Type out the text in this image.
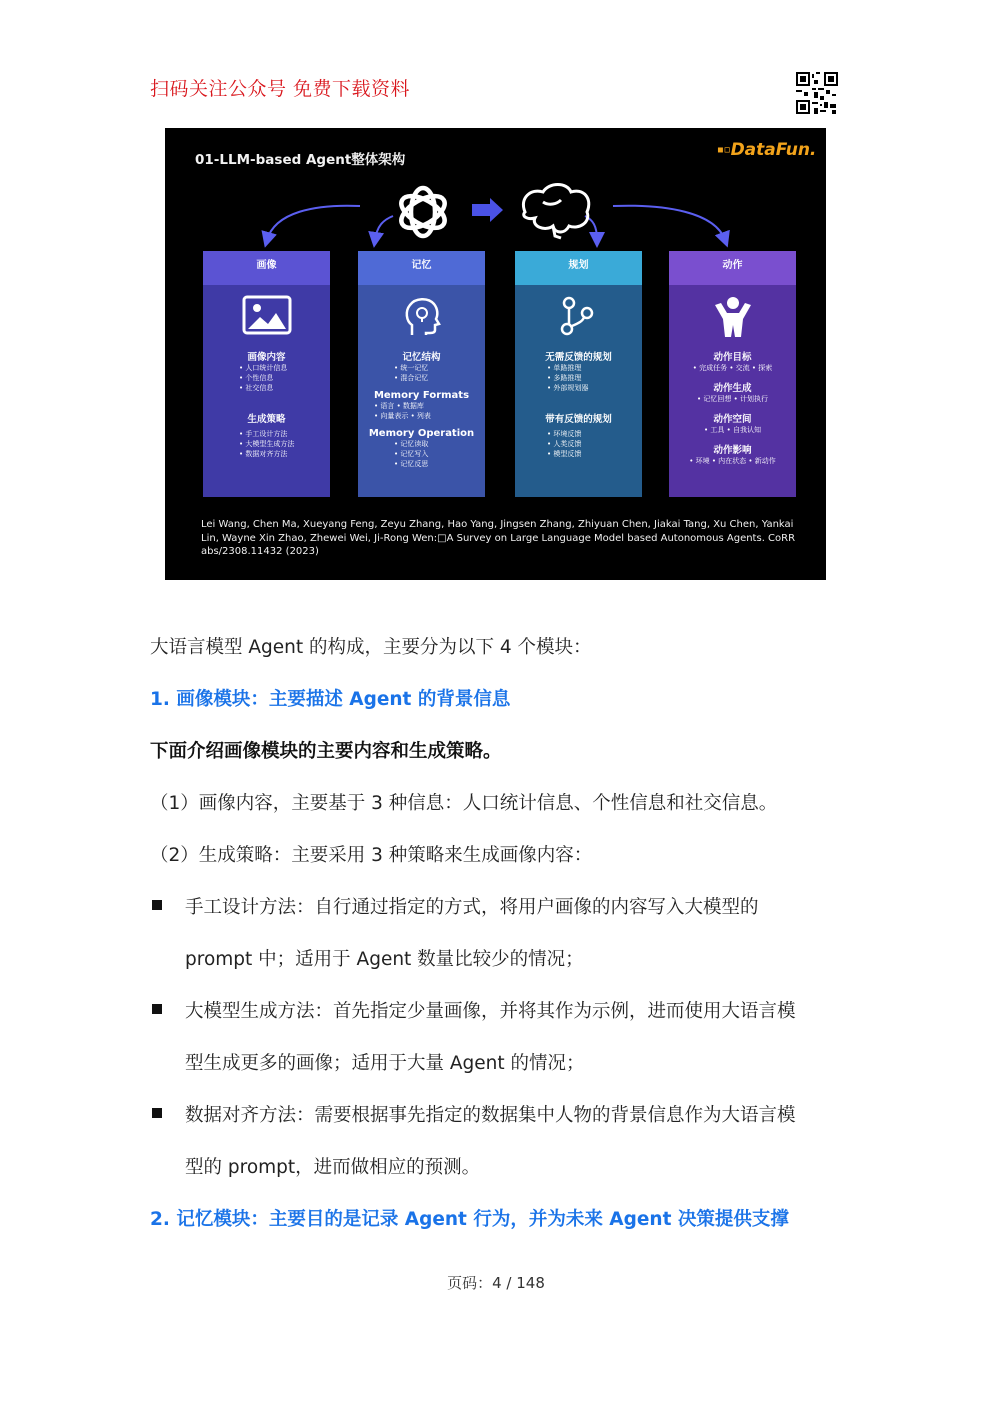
扫码关注公众号 免费下载资料
01-LLM-based Agent整体架构
▪▫DataFun.
画像
画像内容
• 人口统计信息
• 个性信息
• 社交信息
生成策略
• 手工设计方法
• 大模型生成方法
• 数据对齐方法
记忆
记忆结构
• 统一记忆
• 混合记忆
Memory Formats
• 语言 • 数据库
• 向量表示 • 列表
Memory Operation
• 记忆读取
• 记忆写入
• 记忆反思
规划
无需反馈的规划
• 单路推理
• 多路推理
• 外部规划器
带有反馈的规划
• 环境反馈
• 人类反馈
• 模型反馈
动作
动作目标
• 完成任务 • 交流 • 探索
动作生成
• 记忆回想 • 计划执行
动作空间
• 工具 • 自我认知
动作影响
• 环境 • 内在状态 • 新动作
Lei Wang, Chen Ma, Xueyang Feng, Zeyu Zhang, Hao Yang, Jingsen Zhang, Zhiyuan Chen, Jiakai Tang, Xu Chen, Yankai Lin, Wayne Xin Zhao, Zhewei Wei, Ji-Rong Wen:□A Survey on Large Language Model based Autonomous Agents. CoRR abs/2308.11432 (2023)
大语言模型 Agent 的构成，主要分为以下 4 个模块：
1. 画像模块：主要描述 Agent 的背景信息
下面介绍画像模块的主要内容和生成策略。
（1）画像内容，主要基于 3 种信息：人口统计信息、个性信息和社交信息。
（2）生成策略：主要采用 3 种策略来生成画像内容：
手工设计方法：自行通过指定的方式，将用户画像的内容写入大模型的
prompt 中；适用于 Agent 数量比较少的情况；
大模型生成方法：首先指定少量画像，并将其作为示例，进而使用大语言模
型生成更多的画像；适用于大量 Agent 的情况；
数据对齐方法：需要根据事先指定的数据集中人物的背景信息作为大语言模
型的 prompt，进而做相应的预测。
2. 记忆模块：主要目的是记录 Agent 行为，并为未来 Agent 决策提供支撑
页码：4 / 148
